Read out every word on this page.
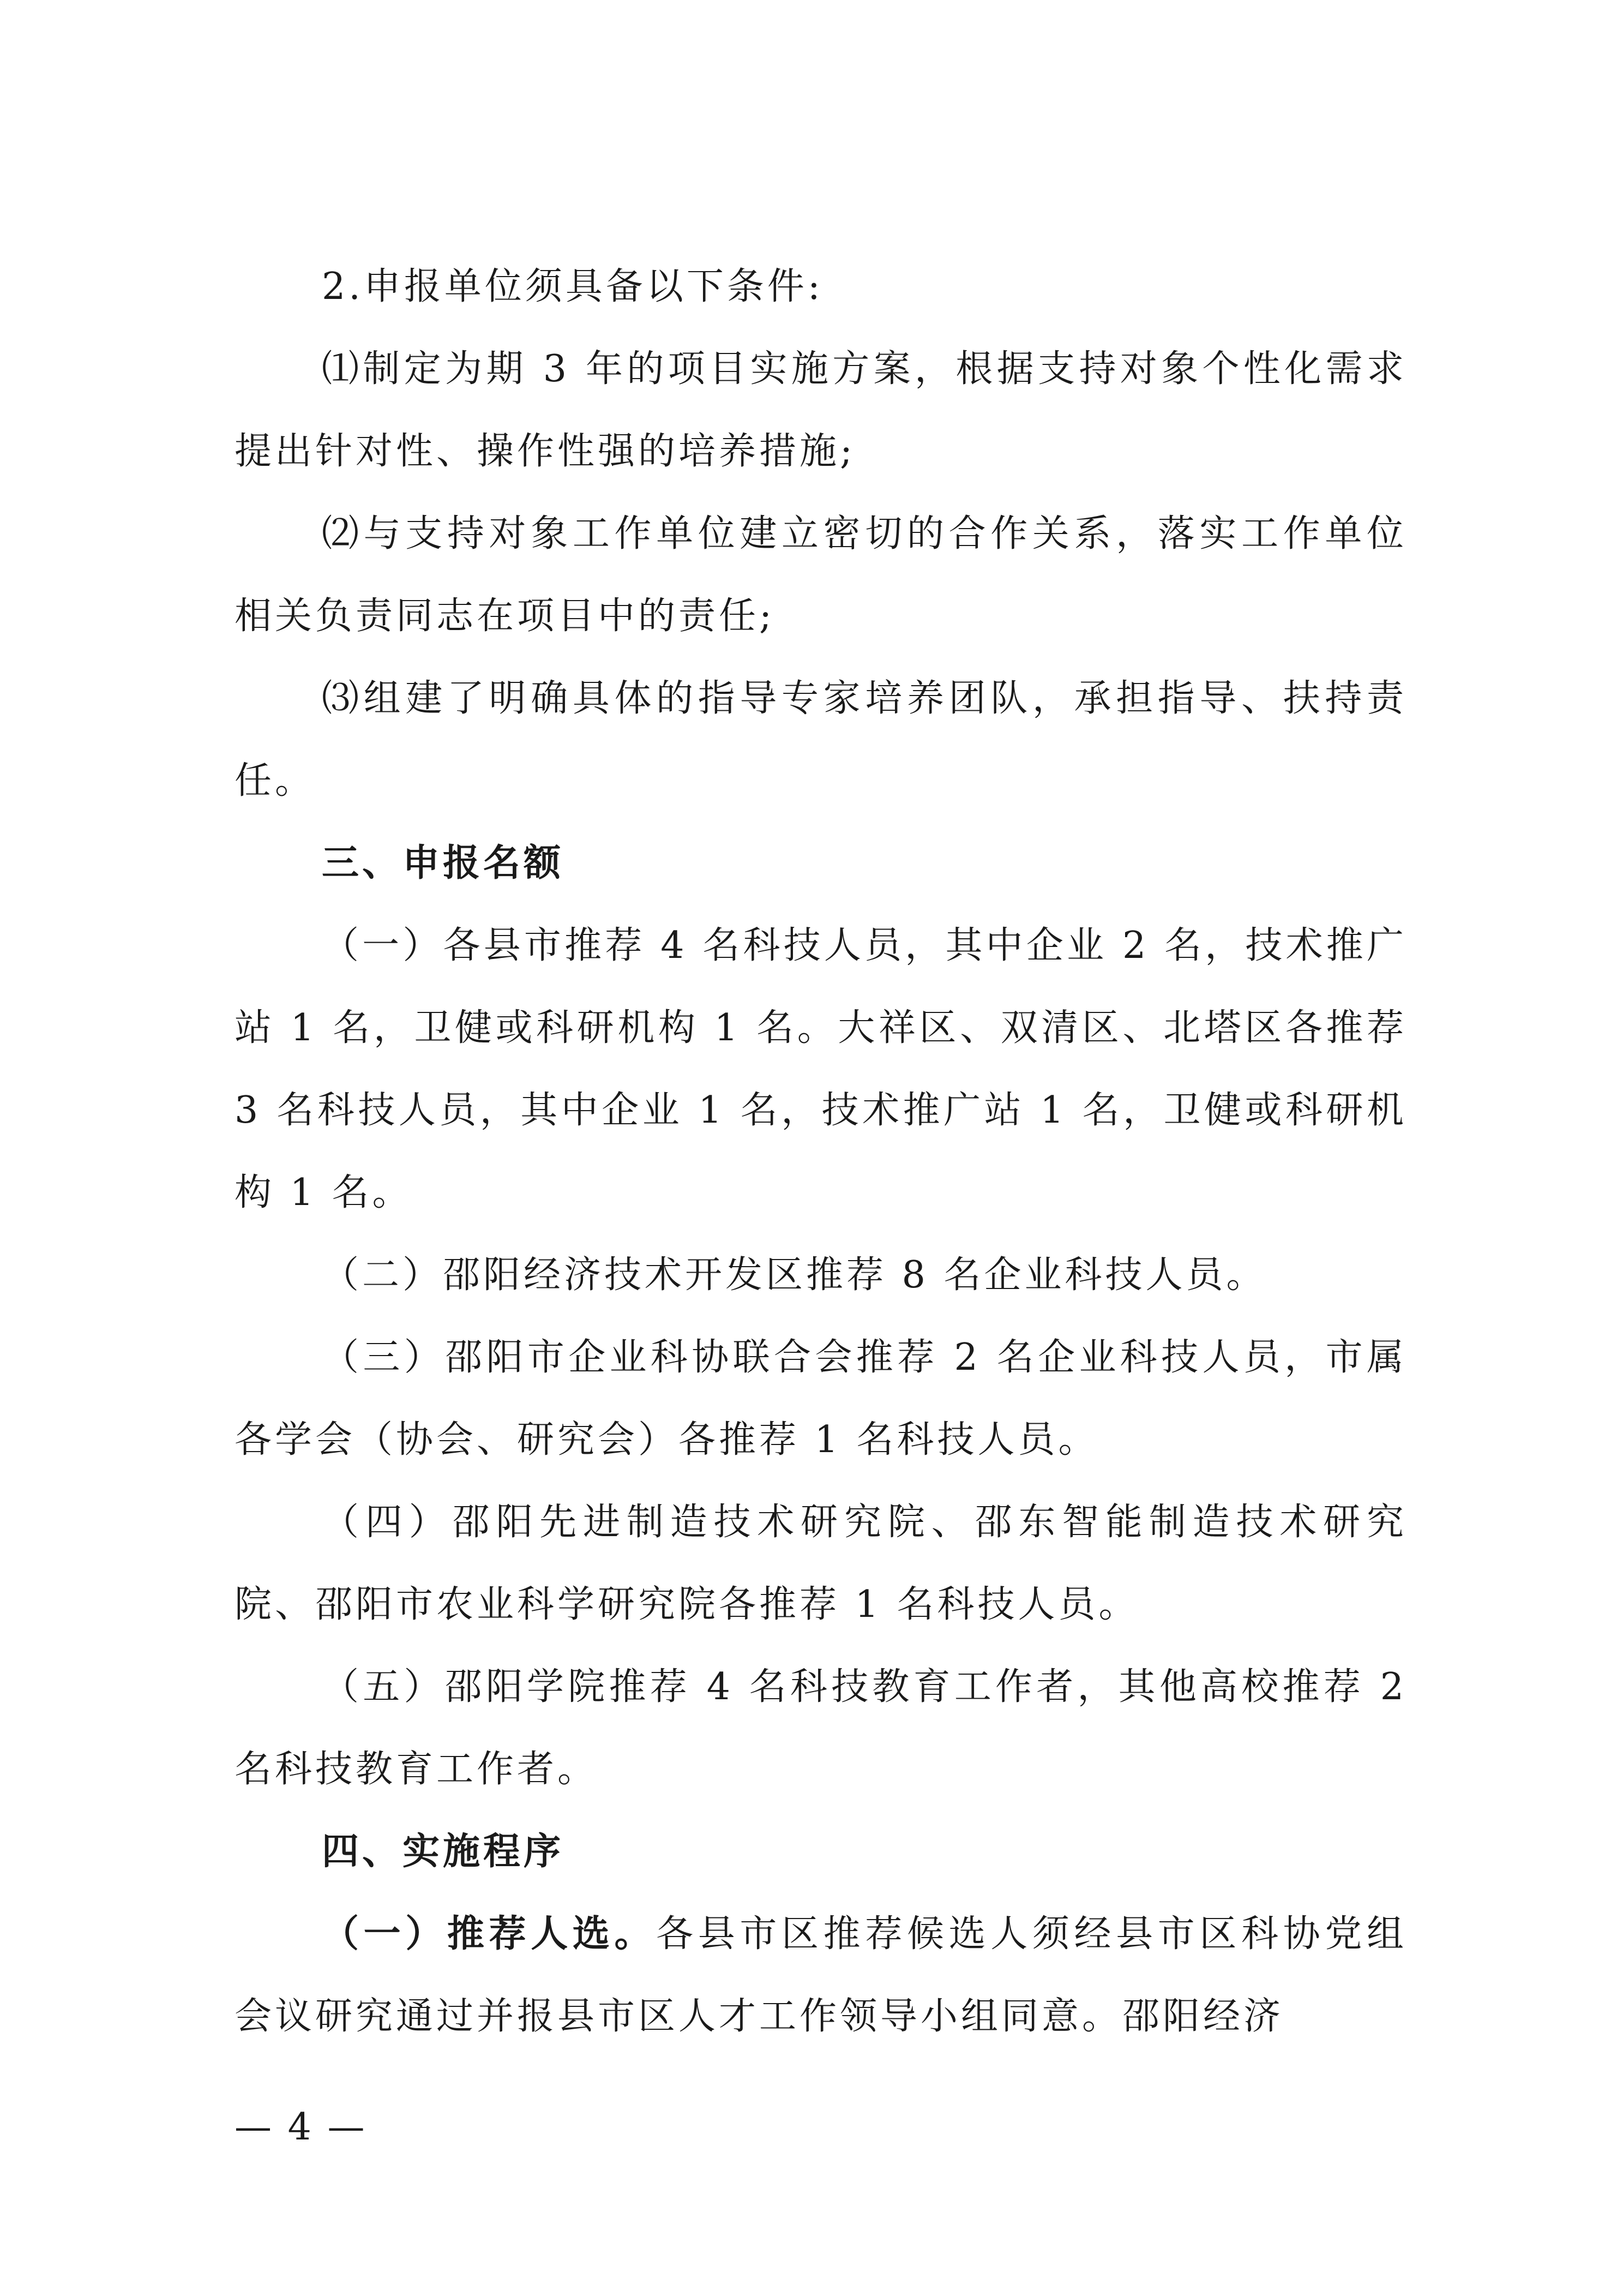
2.申报单位须具备以下条件:

⑴制定为期 3 年的项目实施方案，根据支持对象个性化需求提出针对性、操作性强的培养措施;

⑵与支持对象工作单位建立密切的合作关系，落实工作单位相关负责同志在项目中的责任;

⑶组建了明确具体的指导专家培养团队，承担指导、扶持责任。

三、申报名额

（一）各县市推荐 4 名科技人员，其中企业 2 名，技术推广站 1 名，卫健或科研机构 1 名。大祥区、双清区、北塔区各推荐 3 名科技人员，其中企业 1 名，技术推广站 1 名，卫健或科研机构 1 名。

（二）邵阳经济技术开发区推荐 8 名企业科技人员。

（三）邵阳市企业科协联合会推荐 2 名企业科技人员，市属各学会（协会、研究会）各推荐 1 名科技人员。

（四）邵阳先进制造技术研究院、邵东智能制造技术研究院、邵阳市农业科学研究院各推荐 1 名科技人员。

（五）邵阳学院推荐 4 名科技教育工作者，其他高校推荐 2 名科技教育工作者。

四、实施程序

（一）推荐人选。各县市区推荐候选人须经县市区科协党组会议研究通过并报县市区人才工作领导小组同意。邵阳经济

— 4 —
